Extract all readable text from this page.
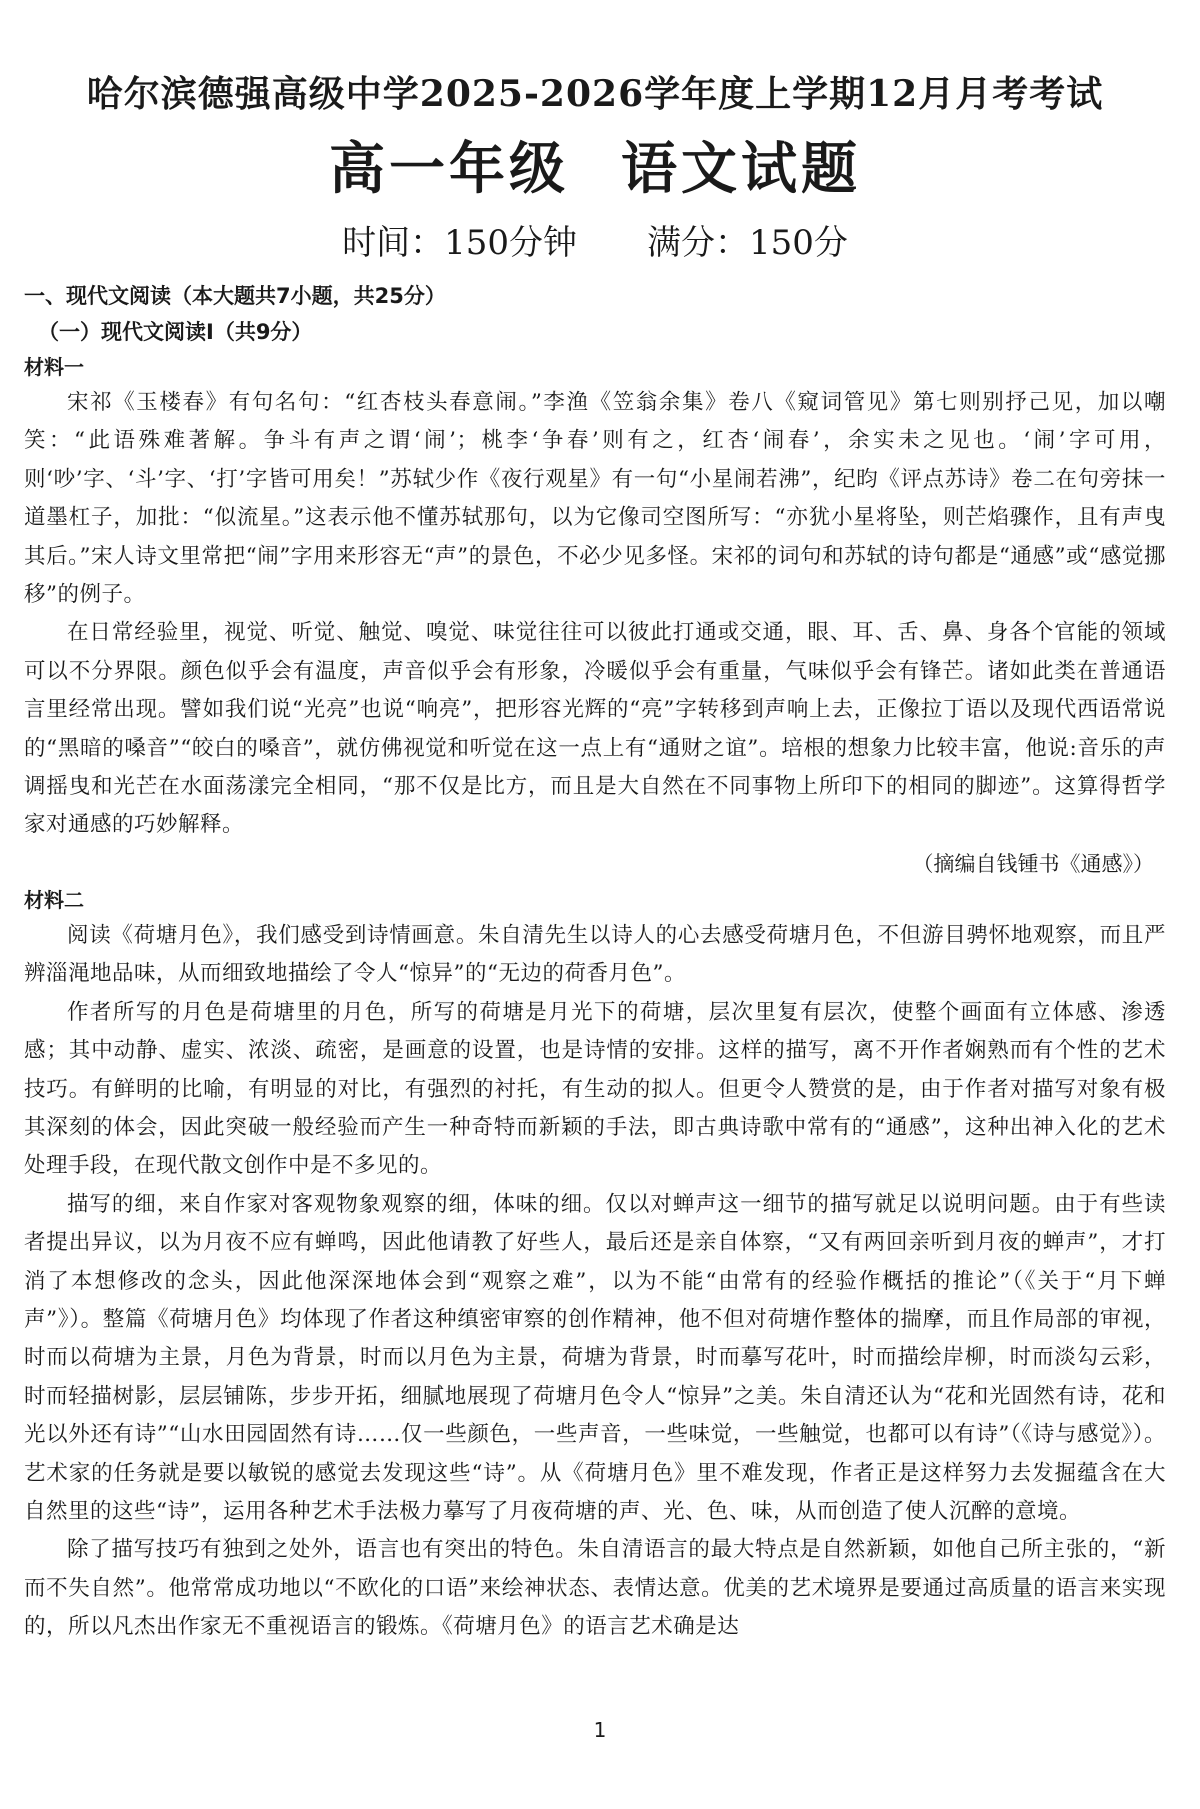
哈尔滨德强高级中学2025-2026学年度上学期12月月考考试
高一年级 语文试题
时间：150分钟 满分：150分
一、现代文阅读（本大题共7小题，共25分）
（一）现代文阅读Ⅰ（共9分）
材料一

宋祁《玉楼春》有句名句：“红杏枝头春意闹。”李渔《笠翁余集》卷八《窥词管见》第七则别抒己见，加以嘲笑：“此语殊难著解。争斗有声之谓‘闹’；桃李‘争春’则有之，红杏‘闹春’，余实未之见也。‘闹’字可用，则‘吵’字、‘斗’字、‘打’字皆可用矣！”苏轼少作《夜行观星》有一句“小星闹若沸”，纪昀《评点苏诗》卷二在句旁抹一道墨杠子，加批：“似流星。”这表示他不懂苏轼那句，以为它像司空图所写：“亦犹小星将坠，则芒焰骤作，且有声曳其后。”宋人诗文里常把“闹”字用来形容无“声”的景色，不必少见多怪。宋祁的词句和苏轼的诗句都是“通感”或“感觉挪移”的例子。

在日常经验里，视觉、听觉、触觉、嗅觉、味觉往往可以彼此打通或交通，眼、耳、舌、鼻、身各个官能的领域可以不分界限。颜色似乎会有温度，声音似乎会有形象，冷暖似乎会有重量，气味似乎会有锋芒。诸如此类在普通语言里经常出现。譬如我们说“光亮”也说“响亮”，把形容光辉的“亮”字转移到声响上去，正像拉丁语以及现代西语常说的“黑暗的嗓音”“皎白的嗓音”，就仿佛视觉和听觉在这一点上有“通财之谊”。培根的想象力比较丰富，他说:音乐的声调摇曳和光芒在水面荡漾完全相同，“那不仅是比方，而且是大自然在不同事物上所印下的相同的脚迹”。这算得哲学家对通感的巧妙解释。

（摘编自钱锺书《通感》）
材料二

阅读《荷塘月色》，我们感受到诗情画意。朱自清先生以诗人的心去感受荷塘月色，不但游目骋怀地观察，而且严辨淄渑地品味，从而细致地描绘了令人“惊异”的“无边的荷香月色”。

作者所写的月色是荷塘里的月色，所写的荷塘是月光下的荷塘，层次里复有层次，使整个画面有立体感、渗透感；其中动静、虚实、浓淡、疏密，是画意的设置，也是诗情的安排。这样的描写，离不开作者娴熟而有个性的艺术技巧。有鲜明的比喻，有明显的对比，有强烈的衬托，有生动的拟人。但更令人赞赏的是，由于作者对描写对象有极其深刻的体会，因此突破一般经验而产生一种奇特而新颖的手法，即古典诗歌中常有的“通感”，这种出神入化的艺术处理手段，在现代散文创作中是不多见的。

描写的细，来自作家对客观物象观察的细，体味的细。仅以对蝉声这一细节的描写就足以说明问题。由于有些读者提出异议，以为月夜不应有蝉鸣，因此他请教了好些人，最后还是亲自体察，“又有两回亲听到月夜的蝉声”，才打消了本想修改的念头，因此他深深地体会到“观察之难”，以为不能“由常有的经验作概括的推论”（《关于“月下蝉声”》）。整篇《荷塘月色》均体现了作者这种缜密审察的创作精神，他不但对荷塘作整体的揣摩，而且作局部的审视，时而以荷塘为主景，月色为背景，时而以月色为主景，荷塘为背景，时而摹写花叶，时而描绘岸柳，时而淡勾云彩，时而轻描树影，层层铺陈，步步开拓，细腻地展现了荷塘月色令人“惊异”之美。朱自清还认为“花和光固然有诗，花和光以外还有诗”“山水田园固然有诗……仅一些颜色，一些声音，一些味觉，一些触觉，也都可以有诗”（《诗与感觉》）。艺术家的任务就是要以敏锐的感觉去发现这些“诗”。从《荷塘月色》里不难发现，作者正是这样努力去发掘蕴含在大自然里的这些“诗”，运用各种艺术手法极力摹写了月夜荷塘的声、光、色、味，从而创造了使人沉醉的意境。

除了描写技巧有独到之处外，语言也有突出的特色。朱自清语言的最大特点是自然新颖，如他自己所主张的，“新而不失自然”。他常常成功地以“不欧化的口语”来绘神状态、表情达意。优美的艺术境界是要通过高质量的语言来实现的，所以凡杰出作家无不重视语言的锻炼。《荷塘月色》的语言艺术确是达

1
